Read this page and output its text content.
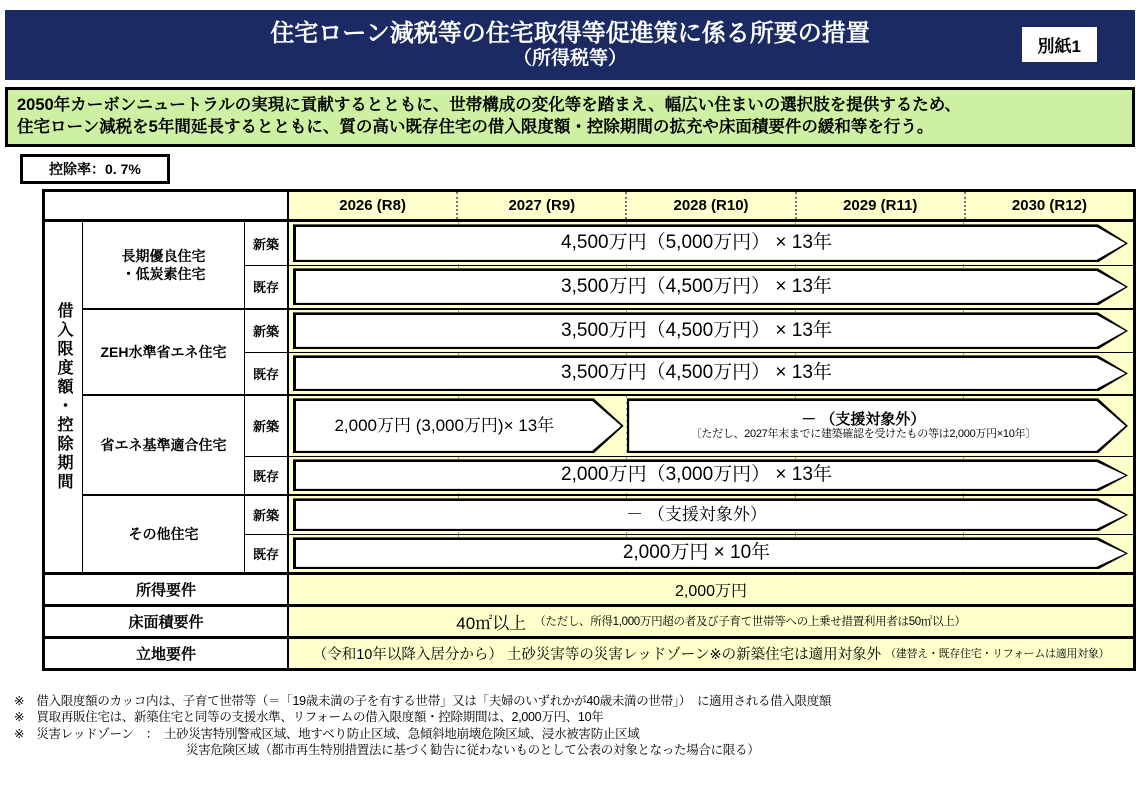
住宅ローン減税等の住宅取得等促進策に係る所要の措置
（所得税等）
別紙1
2050年カーボンニュートラルの実現に貢献するとともに、世帯構成の変化等を踏まえ、幅広い住まいの選択肢を提供するため、
住宅ローン減税を5年間延長するとともに、質の高い既存住宅の借入限度額・控除期間の拡充や床面積要件の緩和等を行う。
控除率：0. 7%
2026 (R8)	2027 (R9)	2028 (R10)	2029 (R11)	2030 (R12)
借入限度額・控除期間
長期優良住宅
・低炭素住宅
新築	4,500万円（5,000万円） × 13年
既存	3,500万円（4,500万円） × 13年
ZEH水準省エネ住宅
新築	3,500万円（4,500万円） × 13年
既存	3,500万円（4,500万円） × 13年
省エネ基準適合住宅
新築	2,000万円 (3,000万円)× 13年	－ （支援対象外）
〔ただし、2027年末までに建築確認を受けたもの等は2,000万円×10年〕
既存	2,000万円（3,000万円） × 13年
その他住宅
新築	－ （支援対象外）
既存	2,000万円 × 10年
所得要件	2,000万円
床面積要件	40㎡以上 （ただし、所得1,000万円超の者及び子育て世帯等への上乗せ措置利用者は50㎡以上）
立地要件	（令和10年以降入居分から） 土砂災害等の災害レッドゾーン※の新築住宅は適用対象外 （建替え・既存住宅・リフォームは適用対象）
※　借入限度額のカッコ内は、子育て世帯等（＝「19歳未満の子を有する世帯」又は「夫婦のいずれかが40歳未満の世帯」）　に適用される借入限度額
※　買取再販住宅は、新築住宅と同等の支援水準、リフォームの借入限度額・控除期間は、2,000万円、10年
※　災害レッドゾーン　：　土砂災害特別警戒区域、地すべり防止区域、急傾斜地崩壊危険区域、浸水被害防止区域
災害危険区域（都市再生特別措置法に基づく勧告に従わないものとして公表の対象となった場合に限る）
